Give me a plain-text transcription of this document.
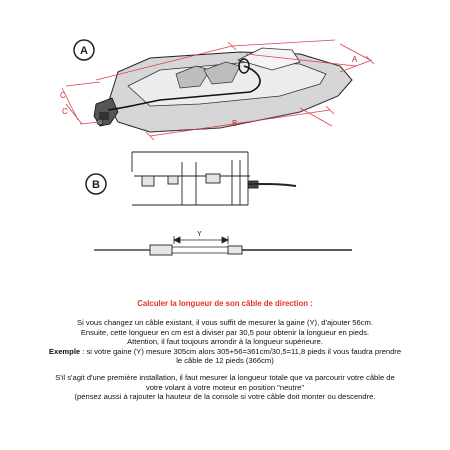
A
B
C
C
A
B
Y
Calculer la longueur de son câble de direction :
Si vous changez un câble existant, il vous suffit de mesurer la gaine (Y), d'ajouter 56cm.
Ensuite, cette longueur en cm est à diviser par 30,5 pour obtenir la longueur en pieds.
Attention, il faut toujours arrondir à la longueur supérieure.
Exemple : si votre gaine (Y) mesure 305cm alors 305+56=361cm/30,5=11,8 pieds il vous faudra prendre
le câble de 12 pieds (366cm)
S'il s'agit d'une première installation, il faut mesurer la longueur totale que va parcourir votre câble de
votre volant à votre moteur en position "neutre"
(pensez aussi à rajouter la hauteur de la console si votre câble doit monter ou descendre.
